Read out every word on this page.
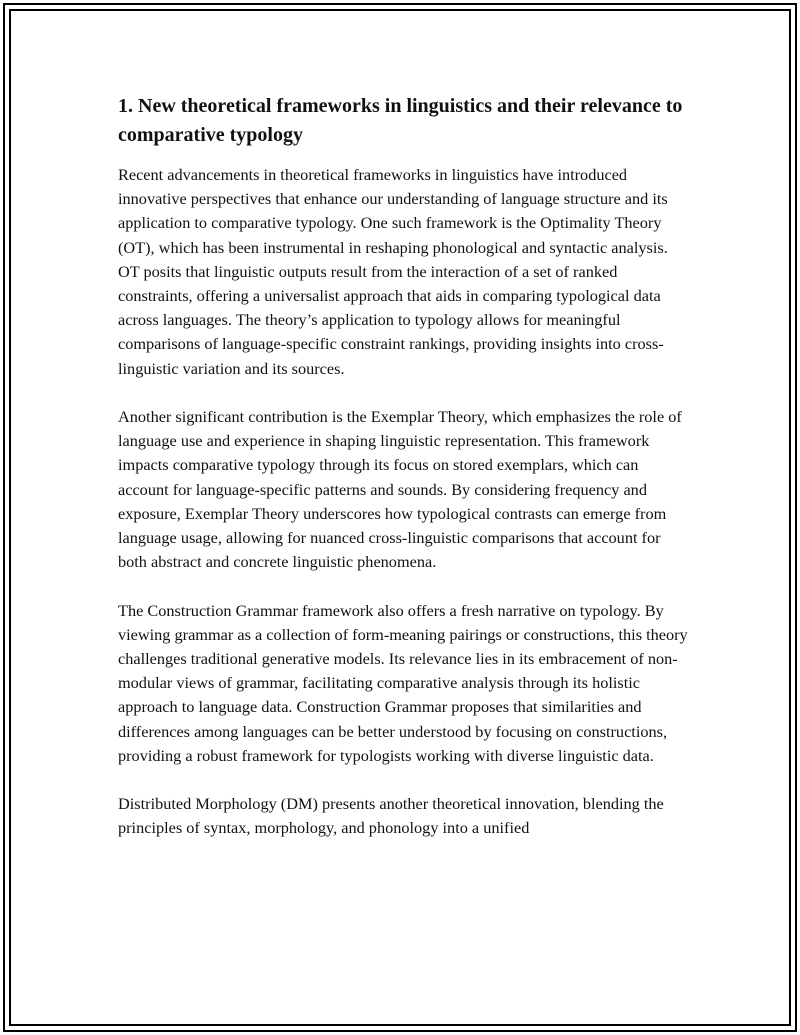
1. New theoretical frameworks in linguistics and their relevance to comparative typology

Recent advancements in theoretical frameworks in linguistics have introduced innovative perspectives that enhance our understanding of language structure and its application to comparative typology. One such framework is the Optimality Theory (OT), which has been instrumental in reshaping phonological and syntactic analysis. OT posits that linguistic outputs result from the interaction of a set of ranked constraints, offering a universalist approach that aids in comparing typological data across languages. The theory’s application to typology allows for meaningful comparisons of language-specific constraint rankings, providing insights into cross-linguistic variation and its sources.

Another significant contribution is the Exemplar Theory, which emphasizes the role of language use and experience in shaping linguistic representation. This framework impacts comparative typology through its focus on stored exemplars, which can account for language-specific patterns and sounds. By considering frequency and exposure, Exemplar Theory underscores how typological contrasts can emerge from language usage, allowing for nuanced cross-linguistic comparisons that account for both abstract and concrete linguistic phenomena.

The Construction Grammar framework also offers a fresh narrative on typology. By viewing grammar as a collection of form-meaning pairings or constructions, this theory challenges traditional generative models. Its relevance lies in its embracement of non-modular views of grammar, facilitating comparative analysis through its holistic approach to language data. Construction Grammar proposes that similarities and differences among languages can be better understood by focusing on constructions, providing a robust framework for typologists working with diverse linguistic data.

Distributed Morphology (DM) presents another theoretical innovation, blending the principles of syntax, morphology, and phonology into a unified
